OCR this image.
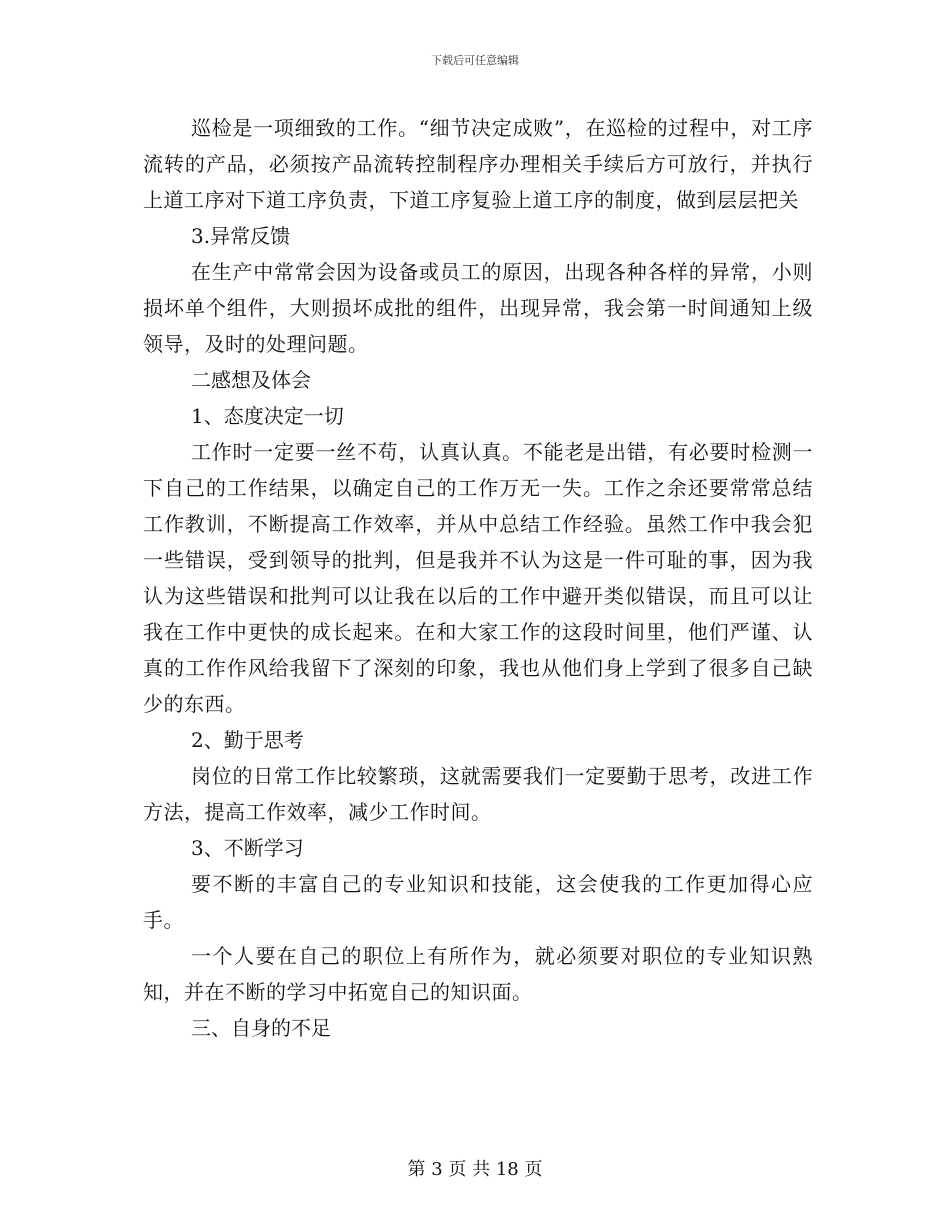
下载后可任意编辑

巡检是一项细致的工作。“细节决定成败”，在巡检的过程中，对工序流转的产品，必须按产品流转控制程序办理相关手续后方可放行，并执行上道工序对下道工序负责，下道工序复验上道工序的制度，做到层层把关

3.异常反馈

在生产中常常会因为设备或员工的原因，出现各种各样的异常，小则损坏单个组件，大则损坏成批的组件，出现异常，我会第一时间通知上级领导，及时的处理问题。

二感想及体会

1、态度决定一切

工作时一定要一丝不苟，认真认真。不能老是出错，有必要时检测一下自己的工作结果，以确定自己的工作万无一失。工作之余还要常常总结工作教训，不断提高工作效率，并从中总结工作经验。虽然工作中我会犯一些错误，受到领导的批判，但是我并不认为这是一件可耻的事，因为我认为这些错误和批判可以让我在以后的工作中避开类似错误，而且可以让我在工作中更快的成长起来。在和大家工作的这段时间里，他们严谨、认真的工作作风给我留下了深刻的印象，我也从他们身上学到了很多自己缺少的东西。

2、勤于思考

岗位的日常工作比较繁琐，这就需要我们一定要勤于思考，改进工作方法，提高工作效率，减少工作时间。

3、不断学习

要不断的丰富自己的专业知识和技能，这会使我的工作更加得心应手。

一个人要在自己的职位上有所作为，就必须要对职位的专业知识熟知，并在不断的学习中拓宽自己的知识面。

三、自身的不足

第 3 页 共 18 页
